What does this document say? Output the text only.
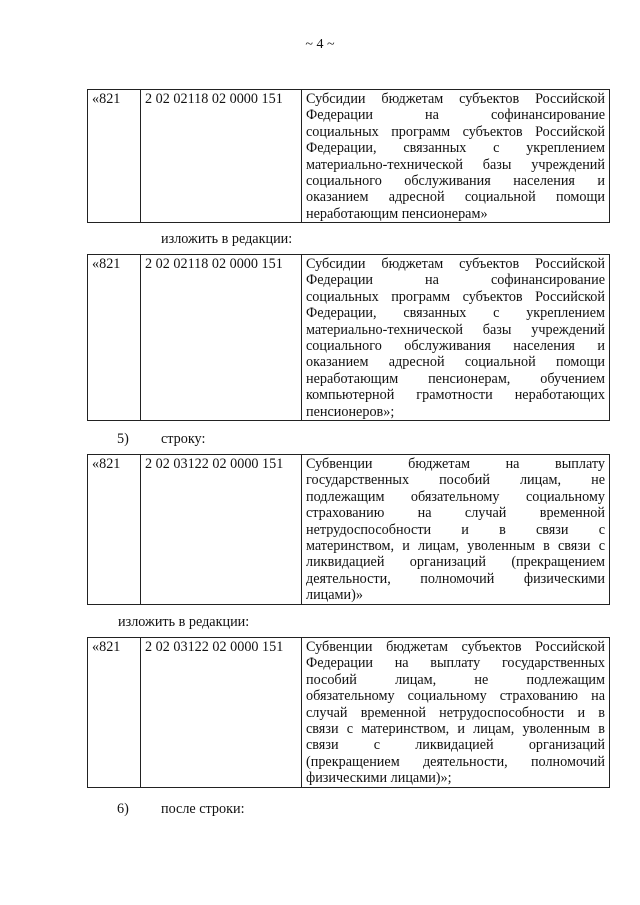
~ 4 ~
«821	2 02 02118 02 0000 151	Субсидии бюджетам субъектов Российской
Федерации на софинансирование
социальных программ субъектов Российской
Федерации, связанных с укреплением
материально-технической базы учреждений
социального обслуживания населения и
оказанием адресной социальной помощи
неработающим пенсионерам»
изложить в редакции:
«821	2 02 02118 02 0000 151	Субсидии бюджетам субъектов Российской
Федерации на софинансирование
социальных программ субъектов Российской
Федерации, связанных с укреплением
материально-технической базы учреждений
социального обслуживания населения и
оказанием адресной социальной помощи
неработающим пенсионерам, обучением
компьютерной грамотности неработающих
пенсионеров»;
5) строку:
«821	2 02 03122 02 0000 151	Субвенции бюджетам на выплату
государственных пособий лицам, не
подлежащим обязательному социальному
страхованию на случай временной
нетрудоспособности и в связи с
материнством, и лицам, уволенным в связи с
ликвидацией организаций (прекращением
деятельности, полномочий физическими
лицами)»
изложить в редакции:
«821	2 02 03122 02 0000 151	Субвенции бюджетам субъектов Российской
Федерации на выплату государственных
пособий лицам, не подлежащим
обязательному социальному страхованию на
случай временной нетрудоспособности и в
связи с материнством, и лицам, уволенным в
связи с ликвидацией организаций
(прекращением деятельности, полномочий
физическими лицами)»;
6) после строки:
